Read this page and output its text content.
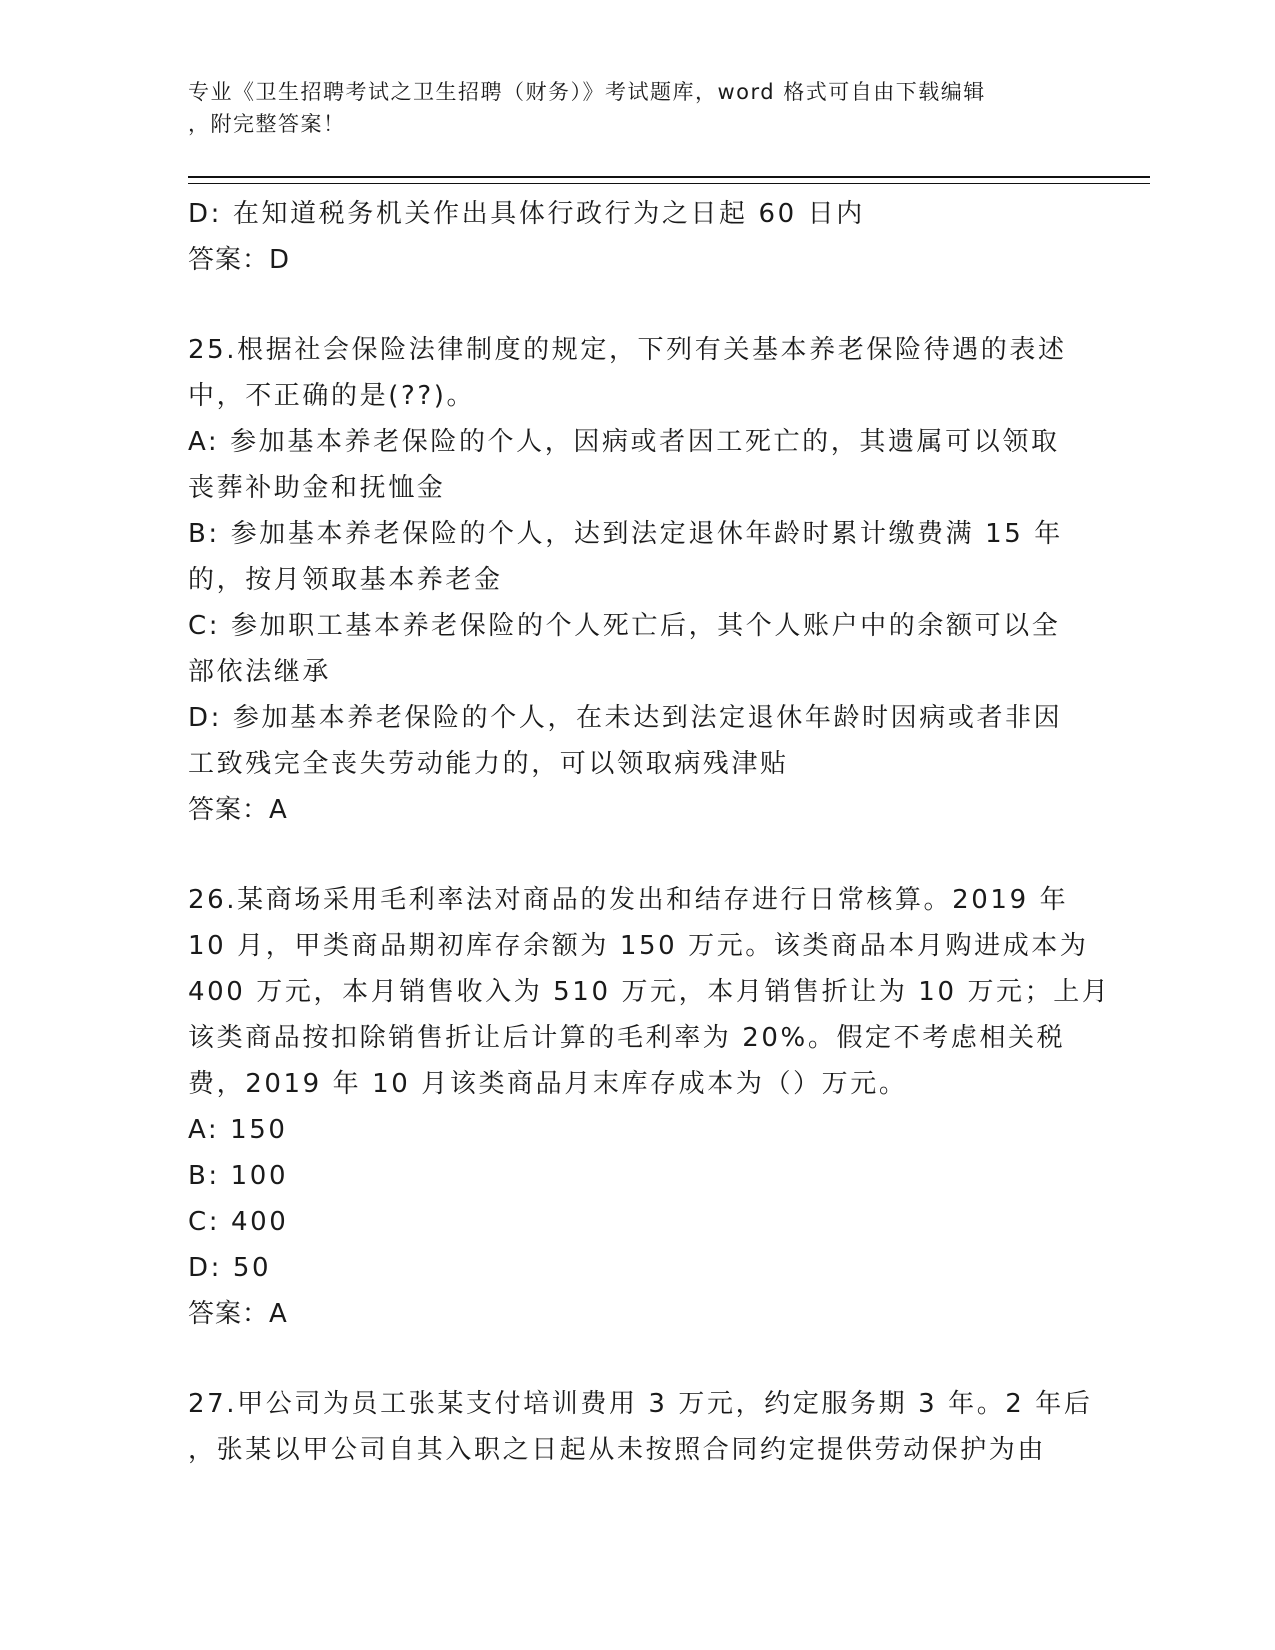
专业《卫生招聘考试之卫生招聘（财务）》考试题库，word 格式可自由下载编辑
，附完整答案！
D: 在知道税务机关作出具体行政行为之日起 60 日内
答案：D
25.根据社会保险法律制度的规定，下列有关基本养老保险待遇的表述
中，不正确的是(??)。
A: 参加基本养老保险的个人，因病或者因工死亡的，其遗属可以领取
丧葬补助金和抚恤金
B: 参加基本养老保险的个人，达到法定退休年龄时累计缴费满 15 年
的，按月领取基本养老金
C: 参加职工基本养老保险的个人死亡后，其个人账户中的余额可以全
部依法继承
D: 参加基本养老保险的个人，在未达到法定退休年龄时因病或者非因
工致残完全丧失劳动能力的，可以领取病残津贴
答案：A
26.某商场采用毛利率法对商品的发出和结存进行日常核算。2019 年
10 月，甲类商品期初库存余额为 150 万元。该类商品本月购进成本为
400 万元，本月销售收入为 510 万元，本月销售折让为 10 万元；上月
该类商品按扣除销售折让后计算的毛利率为 20%。假定不考虑相关税
费，2019 年 10 月该类商品月末库存成本为（）万元。
A: 150
B: 100
C: 400
D: 50
答案：A
27.甲公司为员工张某支付培训费用 3 万元，约定服务期 3 年。2 年后
，张某以甲公司自其入职之日起从未按照合同约定提供劳动保护为由
